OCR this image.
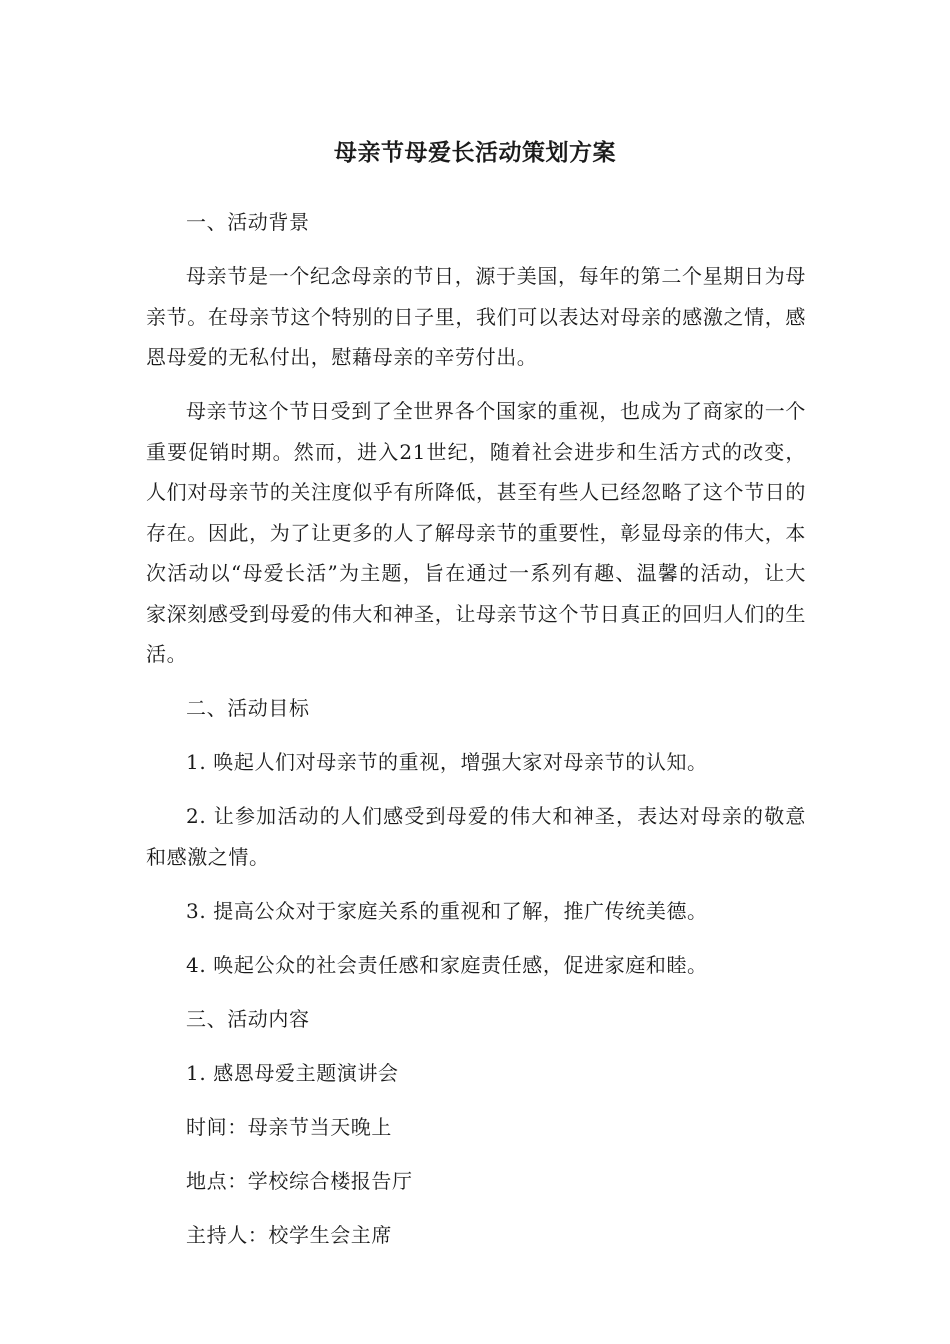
母亲节母爱长活动策划方案

一、活动背景

母亲节是一个纪念母亲的节日，源于美国，每年的第二个星期日为母亲节。在母亲节这个特别的日子里，我们可以表达对母亲的感激之情，感恩母爱的无私付出，慰藉母亲的辛劳付出。

母亲节这个节日受到了全世界各个国家的重视，也成为了商家的一个重要促销时期。然而，进入21世纪，随着社会进步和生活方式的改变，人们对母亲节的关注度似乎有所降低，甚至有些人已经忽略了这个节日的存在。因此，为了让更多的人了解母亲节的重要性，彰显母亲的伟大，本次活动以“母爱长活”为主题，旨在通过一系列有趣、温馨的活动，让大家深刻感受到母爱的伟大和神圣，让母亲节这个节日真正的回归人们的生活。

二、活动目标

1. 唤起人们对母亲节的重视，增强大家对母亲节的认知。

2. 让参加活动的人们感受到母爱的伟大和神圣，表达对母亲的敬意和感激之情。

3. 提高公众对于家庭关系的重视和了解，推广传统美德。

4. 唤起公众的社会责任感和家庭责任感，促进家庭和睦。

三、活动内容

1. 感恩母爱主题演讲会

时间：母亲节当天晚上

地点：学校综合楼报告厅

主持人：校学生会主席
